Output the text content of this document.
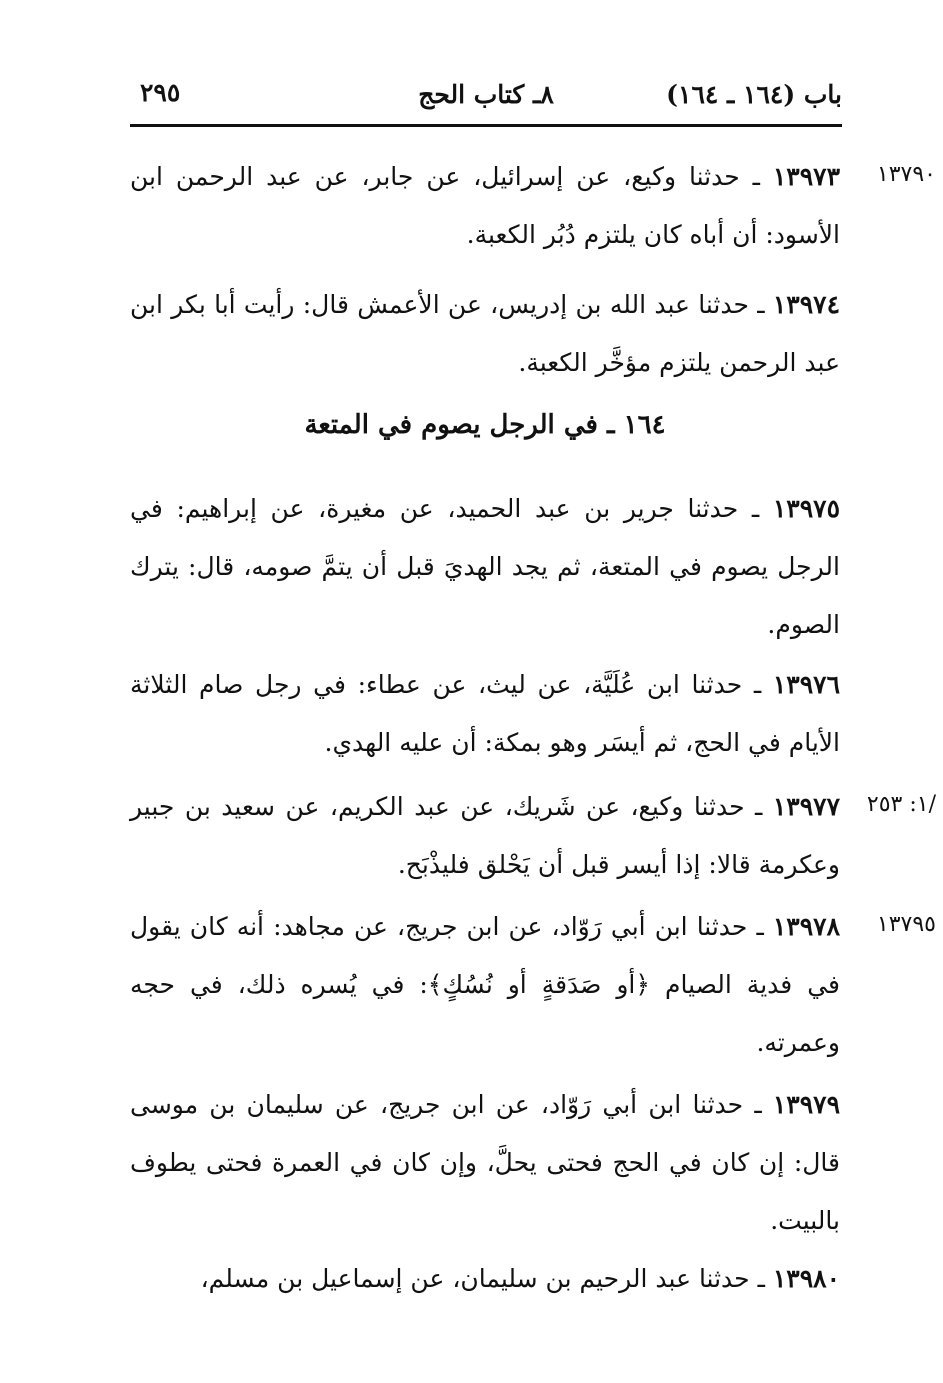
باب (١٦٤ ـ ١٦٤)
٨ـ كتاب الحج
٢٩٥
١٣٧٩٠
/١: ٢٥٣
١٣٧٩٥

١٣٩٧٣ ـ حدثنا وكيع، عن إسرائيل، عن جابر، عن عبد الرحمن ابن الأسود: أن أباه كان يلتزم دُبُر الكعبة.

١٣٩٧٤ ـ حدثنا عبد الله بن إدريس، عن الأعمش قال: رأيت أبا بكر ابن عبد الرحمن يلتزم مؤخَّر الكعبة.

١٦٤ ـ في الرجل يصوم في المتعة

١٣٩٧٥ ـ حدثنا جرير بن عبد الحميد، عن مغيرة، عن إبراهيم: في الرجل يصوم في المتعة، ثم يجد الهديَ قبل أن يتمَّ صومه، قال: يترك الصوم.

١٣٩٧٦ ـ حدثنا ابن عُلَيَّة، عن ليث، عن عطاء: في رجل صام الثلاثة الأيام في الحج، ثم أيسَر وهو بمكة: أن عليه الهدي.

١٣٩٧٧ ـ حدثنا وكيع، عن شَريك، عن عبد الكريم، عن سعيد بن جبير وعكرمة قالا: إذا أيسر قبل أن يَحْلق فليذْبَح.

١٣٩٧٨ ـ حدثنا ابن أبي رَوّاد، عن ابن جريج، عن مجاهد: أنه كان يقول في فدية الصيام ﴿أو صَدَقةٍ أو نُسُكٍ﴾: في يُسره ذلك، في حجه وعمرته.

١٣٩٧٩ ـ حدثنا ابن أبي رَوّاد، عن ابن جريج، عن سليمان بن موسى قال: إن كان في الحج فحتى يحلَّ، وإن كان في العمرة فحتى يطوف بالبيت.

١٣٩٨٠ ـ حدثنا عبد الرحيم بن سليمان، عن إسماعيل بن مسلم،
